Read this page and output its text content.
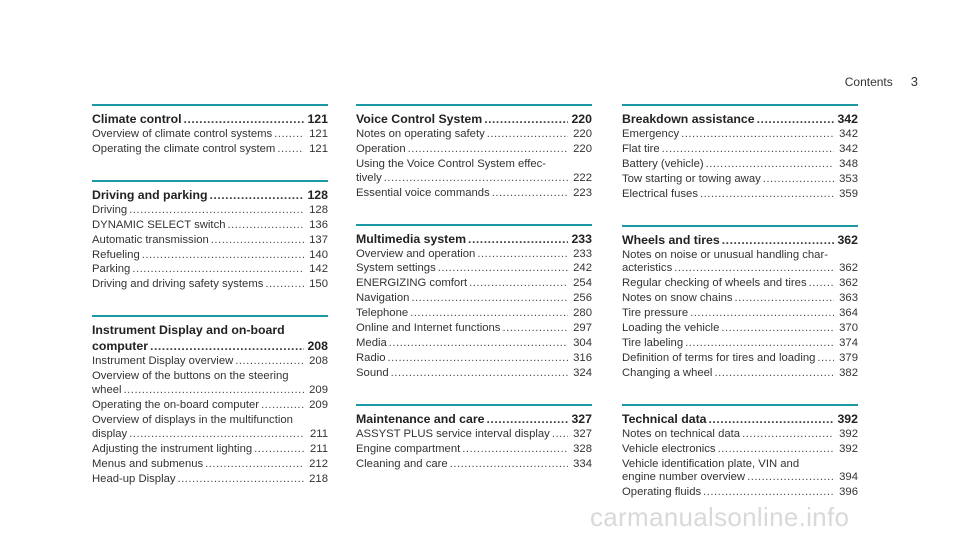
Contents 3
Climate control .....	121
Overview of climate control systems .....	121
Operating the climate control system .....	121
Driving and parking .....	128
Driving .....	128
DYNAMIC SELECT switch .....	136
Automatic transmission .....	137
Refueling .....	140
Parking .....	142
Driving and driving safety systems .....	150
Instrument Display and on-board
computer .....	208
Instrument Display overview .....	208
Overview of the buttons on the steering
wheel .....	209
Operating the on-board computer .....	209
Overview of displays in the multifunction
display .....	211
Adjusting the instrument lighting .....	211
Menus and submenus .....	212
Head-up Display .....	218
Voice Control System .....	220
Notes on operating safety .....	220
Operation .....	220
Using the Voice Control System effec-
tively .....	222
Essential voice commands .....	223
Multimedia system .....	233
Overview and operation .....	233
System settings .....	242
ENERGIZING comfort .....	254
Navigation .....	256
Telephone .....	280
Online and Internet functions .....	297
Media .....	304
Radio .....	316
Sound .....	324
Maintenance and care .....	327
ASSYST PLUS service interval display ..... 327
Engine compartment .....	328
Cleaning and care .....	334
Breakdown assistance .....	342
Emergency .....	342
Flat tire .....	342
Battery (vehicle) .....	348
Tow starting or towing away .....	353
Electrical fuses .....	359
Wheels and tires .....	362
Notes on noise or unusual handling char-
acteristics .....	362
Regular checking of wheels and tires .....	362
Notes on snow chains .....	363
Tire pressure .....	364
Loading the vehicle .....	370
Tire labeling .....	374
Definition of terms for tires and loading ..... 379
Changing a wheel .....	382
Technical data .....	392
Notes on technical data .....	392
Vehicle electronics .....	392
Vehicle identification plate, VIN and
engine number overview .....	394
Operating fluids .....	396
carmanualsonline.info
